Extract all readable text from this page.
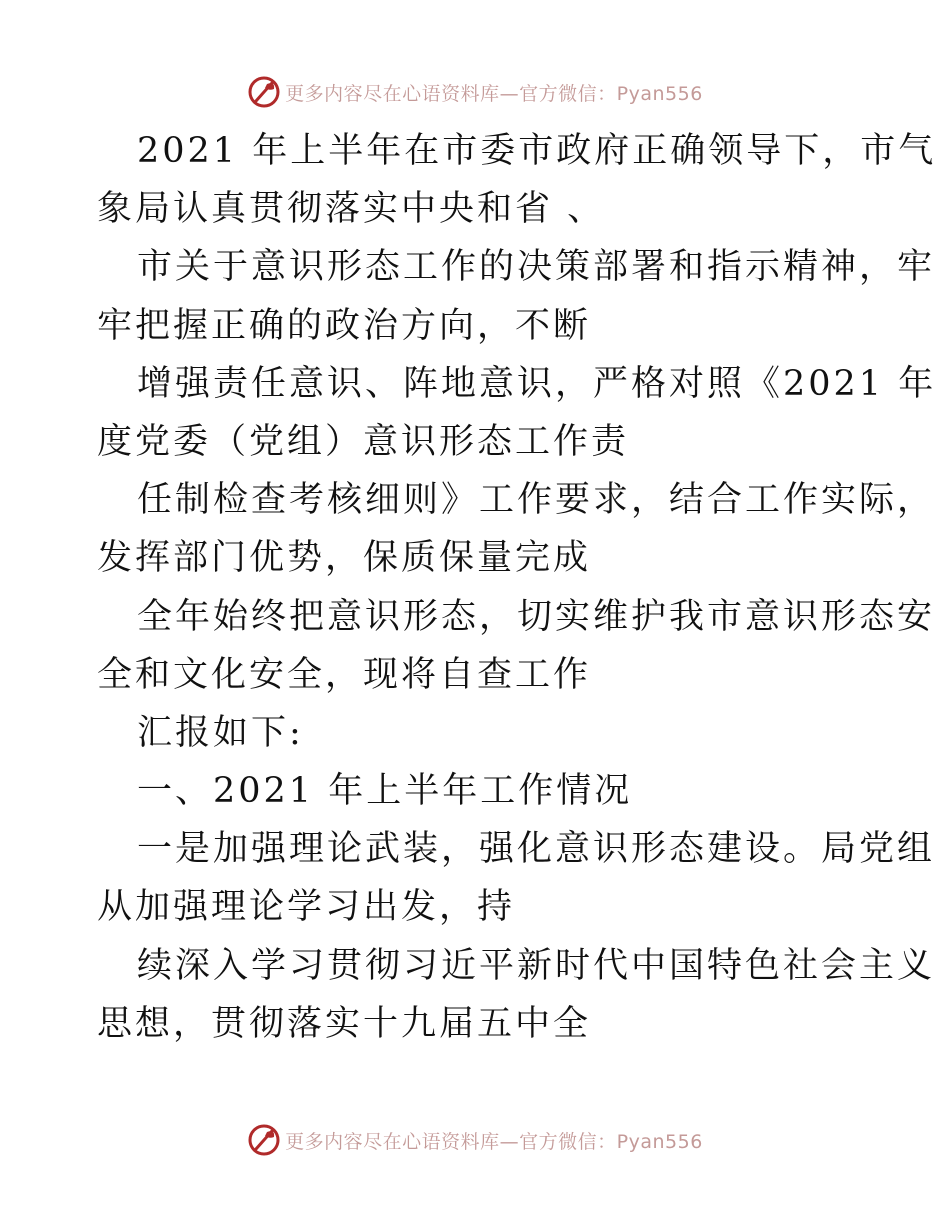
更多内容尽在心语资料库—官方微信：Pyan556
2021 年上半年在市委市政府正确领导下，市气
象局认真贯彻落实中央和省 、
市关于意识形态工作的决策部署和指示精神，牢
牢把握正确的政治方向，不断
增强责任意识、阵地意识，严格对照《2021 年
度党委（党组）意识形态工作责
任制检查考核细则》工作要求，结合工作实际，
发挥部门优势，保质保量完成
全年始终把意识形态，切实维护我市意识形态安
全和文化安全，现将自查工作
汇报如下:
一、2021 年上半年工作情况
一是加强理论武装，强化意识形态建设。局党组
从加强理论学习出发，持
续深入学习贯彻习近平新时代中国特色社会主义
思想，贯彻落实十九届五中全
更多内容尽在心语资料库—官方微信：Pyan556
